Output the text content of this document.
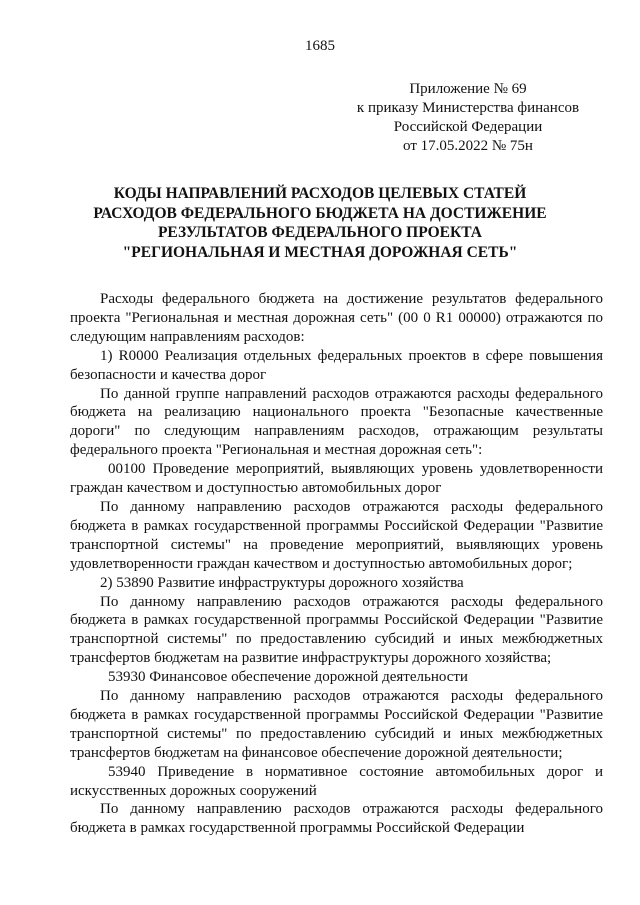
1685
Приложение № 69
к приказу Министерства финансов
Российской Федерации
от 17.05.2022 № 75н
КОДЫ НАПРАВЛЕНИЙ РАСХОДОВ ЦЕЛЕВЫХ СТАТЕЙ
РАСХОДОВ ФЕДЕРАЛЬНОГО БЮДЖЕТА НА ДОСТИЖЕНИЕ
РЕЗУЛЬТАТОВ ФЕДЕРАЛЬНОГО ПРОЕКТА
"РЕГИОНАЛЬНАЯ И МЕСТНАЯ ДОРОЖНАЯ СЕТЬ"

Расходы федерального бюджета на достижение результатов федерального проекта "Региональная и местная дорожная сеть" (00 0 R1 00000) отражаются по следующим направлениям расходов:

1) R0000 Реализация отдельных федеральных проектов в сфере повышения безопасности и качества дорог

По данной группе направлений расходов отражаются расходы федерального бюджета на реализацию национального проекта "Безопасные качественные дороги" по следующим направлениям расходов, отражающим результаты федерального проекта "Региональная и местная дорожная сеть":

00100 Проведение мероприятий, выявляющих уровень удовлетворенности граждан качеством и доступностью автомобильных дорог

По данному направлению расходов отражаются расходы федерального бюджета в рамках государственной программы Российской Федерации "Развитие транспортной системы" на проведение мероприятий, выявляющих уровень удовлетворенности граждан качеством и доступностью автомобильных дорог;

2) 53890 Развитие инфраструктуры дорожного хозяйства

По данному направлению расходов отражаются расходы федерального бюджета в рамках государственной программы Российской Федерации "Развитие транспортной системы" по предоставлению субсидий и иных межбюджетных трансфертов бюджетам на развитие инфраструктуры дорожного хозяйства;

53930 Финансовое обеспечение дорожной деятельности

По данному направлению расходов отражаются расходы федерального бюджета в рамках государственной программы Российской Федерации "Развитие транспортной системы" по предоставлению субсидий и иных межбюджетных трансфертов бюджетам на финансовое обеспечение дорожной деятельности;

53940 Приведение в нормативное состояние автомобильных дорог и искусственных дорожных сооружений

По данному направлению расходов отражаются расходы федерального бюджета в рамках государственной программы Российской Федерации
